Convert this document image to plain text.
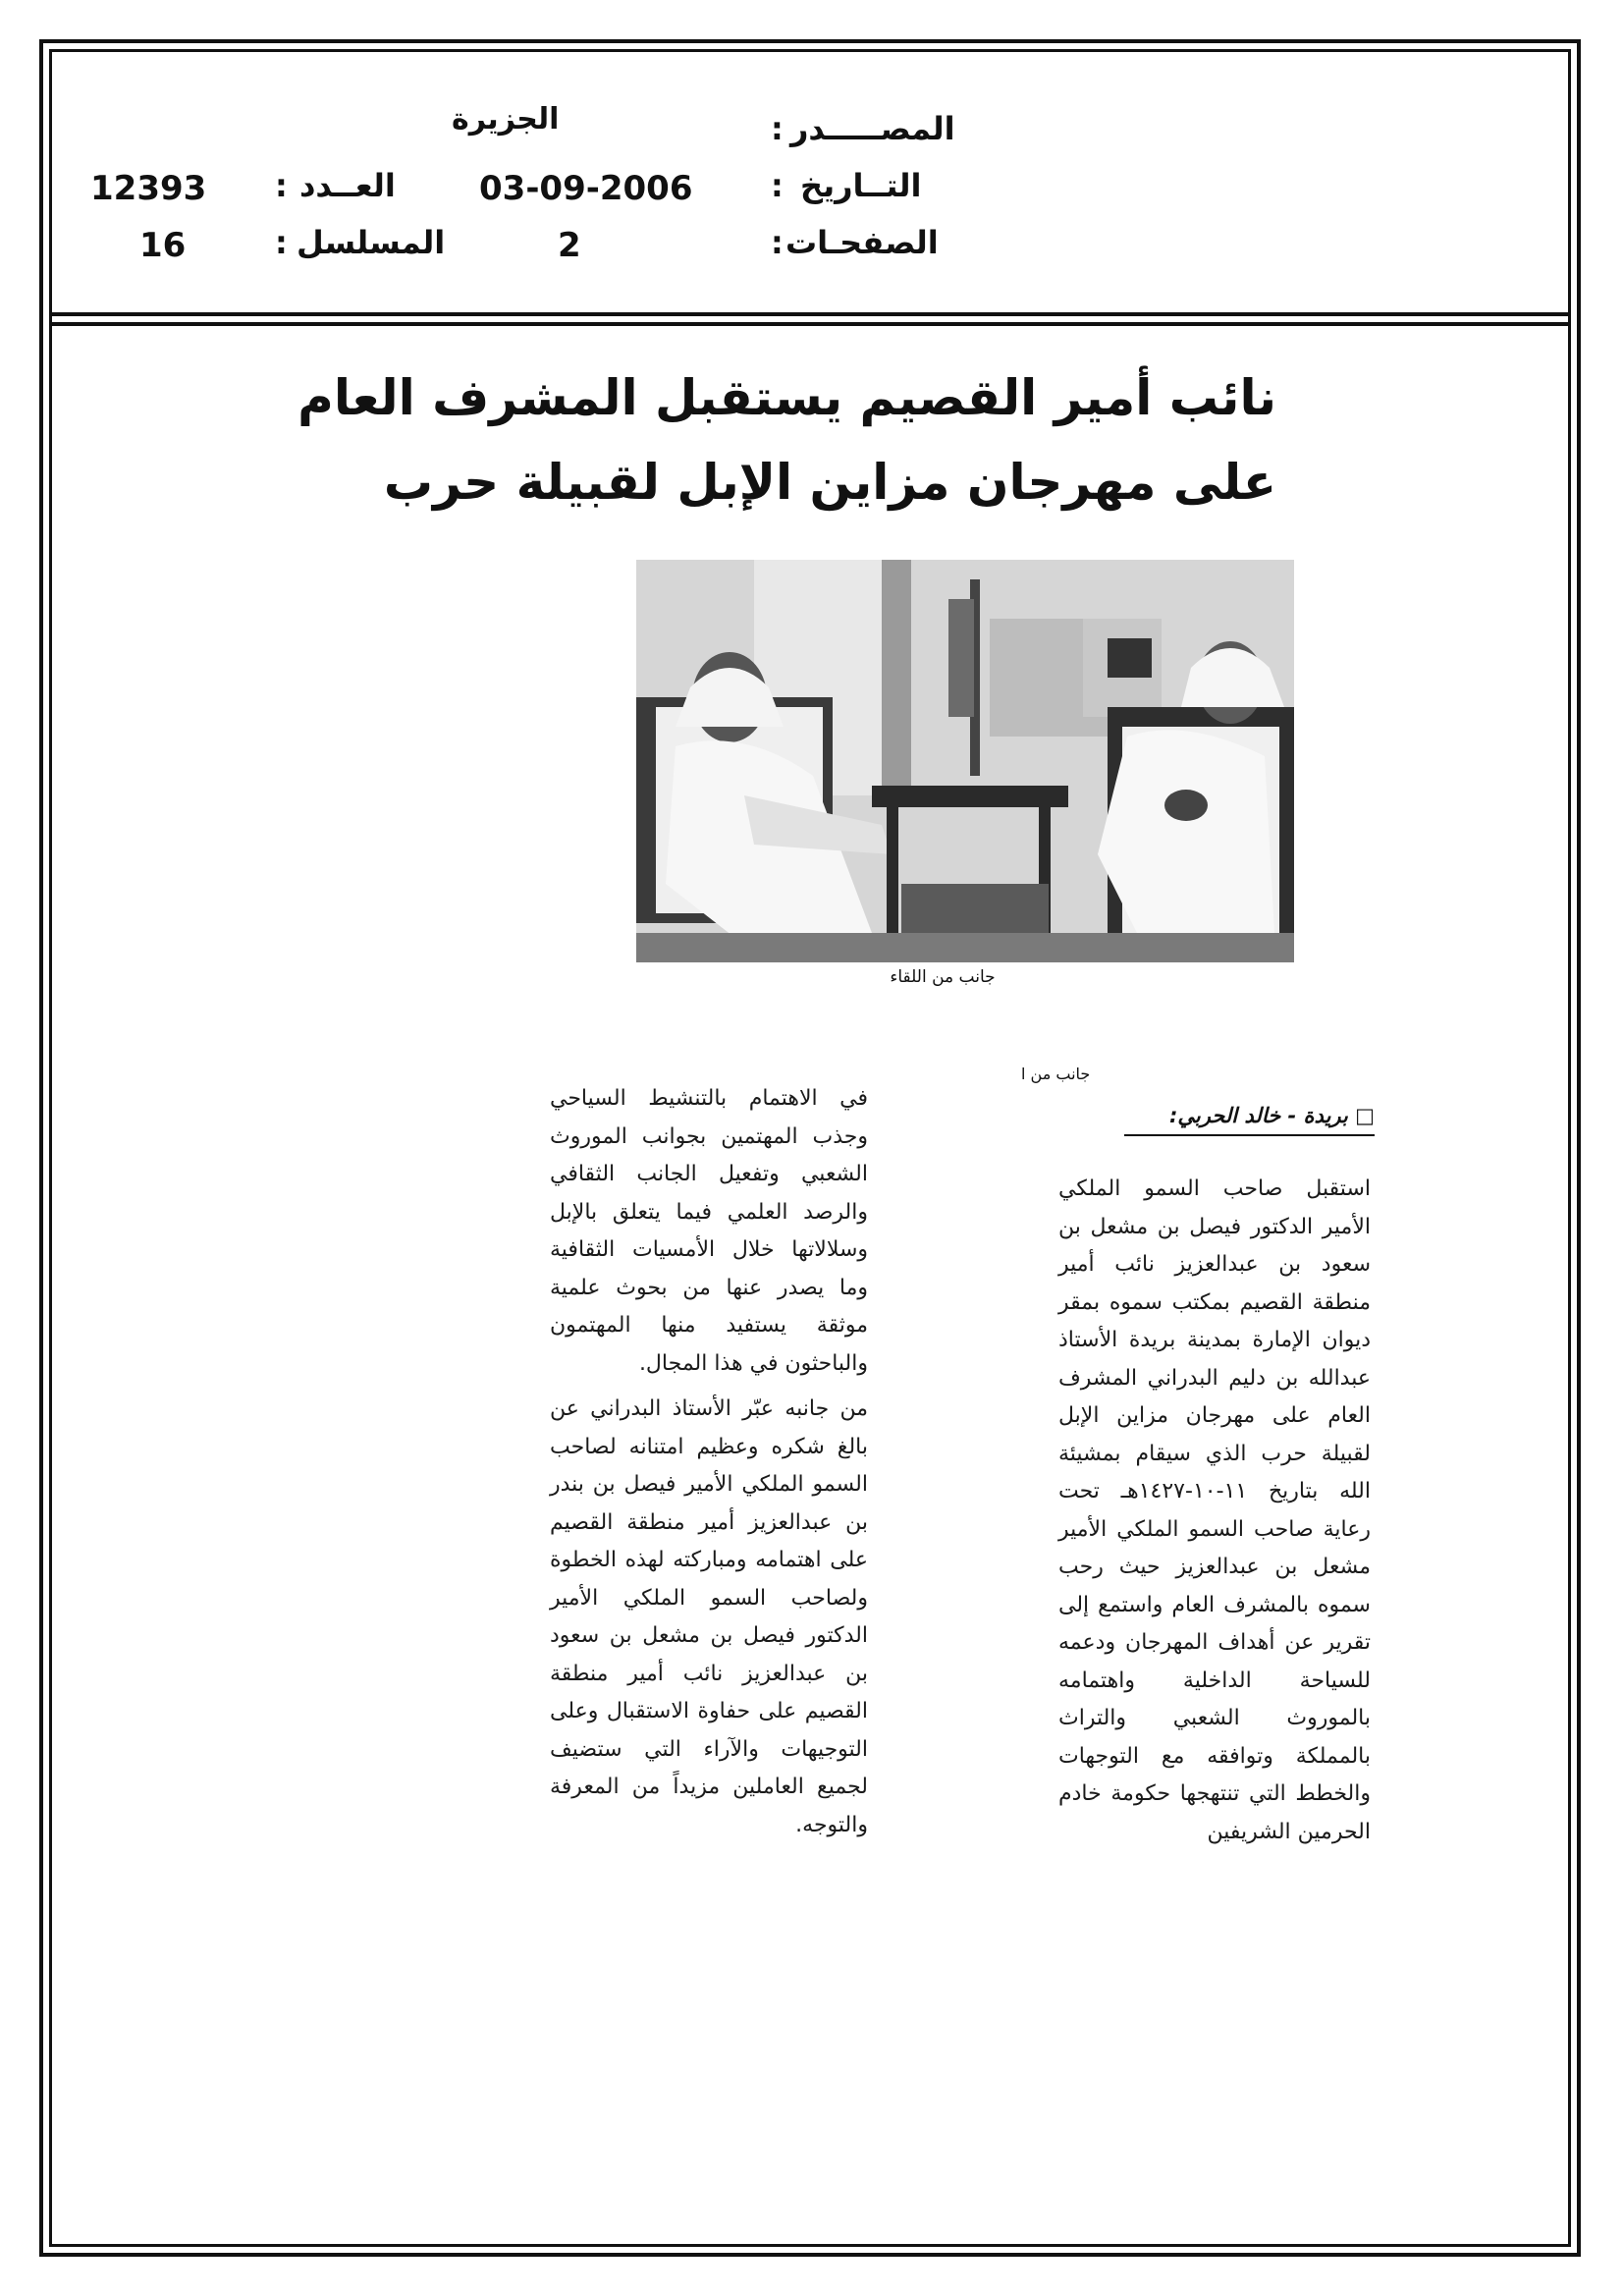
الجزيرة	المصـــــدر
:
التــاريخ
:
03-09-2006
العــدد
:
12393
الصفحـات
:
2
المسلسل
:
16
نائب أمير القصيم يستقبل المشرف العام
على مهرجان مزاين الإبل لقبيلة حرب
جانب من اللقاء
جانب من ا
□ بريدة - خالد الحربي:

استقبل صاحب السمو الملكي الأمير الدكتور فيصل بن مشعل بن سعود بن عبدالعزيز نائب أمير منطقة القصيم بمكتب سموه بمقر ديوان الإمارة بمدينة بريدة الأستاذ عبدالله بن دليم البدراني المشرف العام على مهرجان مزاين الإبل لقبيلة حرب الذي سيقام بمشيئة الله بتاريخ ١١-١٠-١٤٢٧هـ تحت رعاية صاحب السمو الملكي الأمير مشعل بن عبدالعزيز حيث رحب سموه بالمشرف العام واستمع إلى تقرير عن أهداف المهرجان ودعمه للسياحة الداخلية واهتمامه بالموروث الشعبي والتراث بالمملكة وتوافقه مع التوجهات والخطط التي تنتهجها حكومة خادم الحرمين الشريفين

في الاهتمام بالتنشيط السياحي وجذب المهتمين بجوانب الموروث الشعبي وتفعيل الجانب الثقافي والرصد العلمي فيما يتعلق بالإبل وسلالاتها خلال الأمسيات الثقافية وما يصدر عنها من بحوث علمية موثقة يستفيد منها المهتمون والباحثون في هذا المجال.

من جانبه عبّر الأستاذ البدراني عن بالغ شكره وعظيم امتنانه لصاحب السمو الملكي الأمير فيصل بن بندر بن عبدالعزيز أمير منطقة القصيم على اهتمامه ومباركته لهذه الخطوة ولصاحب السمو الملكي الأمير الدكتور فيصل بن مشعل بن سعود بن عبدالعزيز نائب أمير منطقة القصيم على حفاوة الاستقبال وعلى التوجيهات والآراء التي ستضيف لجميع العاملين مزيداً من المعرفة والتوجه.
